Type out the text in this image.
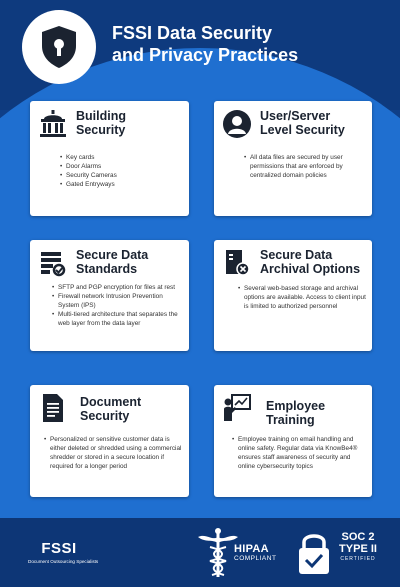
FSSI Data Security
and Privacy Practices
Building
Security
• Key cards
• Door Alarms
• Security Cameras
• Gated Entryways
User/Server
Level Security
• All data files are secured by user permissions that are enforced by centralized domain policies
Secure Data
Standards
• SFTP and PGP encryption for files at rest
• Firewall network Intrusion Prevention System (IPS)
• Multi-tiered architecture that separates the web layer from the data layer
Secure Data
Archival Options
• Several web-based storage and archival options are available. Access to client input is limited to authorized personnel
Document
Security
• Personalized or sensitive customer data is either deleted or shredded using a commercial shredder or stored in a secure location if required for a longer period
Employee
Training
• Employee training on email handling and online safety. Regular data via KnowBe4® ensures staff awareness of security and online cybersecurity topics
FSSI
Document Outsourcing Specialists
HIPAA
COMPLIANT
SOC 2
TYPE II
CERTIFIED
